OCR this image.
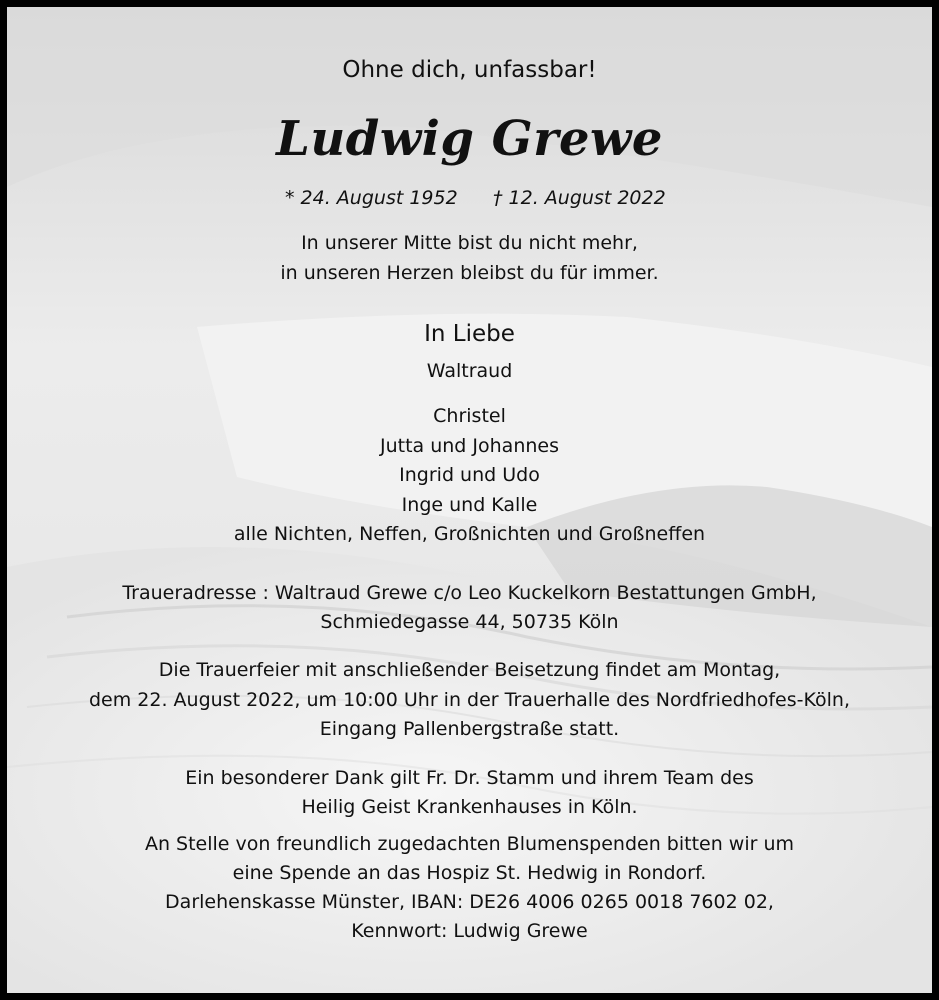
Ohne dich, unfassbar!
Ludwig Grewe
* 24. August 1952 † 12. August 2022
In unserer Mitte bist du nicht mehr,
in unseren Herzen bleibst du für immer.
In Liebe
Waltraud
Christel
Jutta und Johannes
Ingrid und Udo
Inge und Kalle
alle Nichten, Neffen, Großnichten und Großneffen
Traueradresse : Waltraud Grewe c/o Leo Kuckelkorn Bestattungen GmbH,
Schmiedegasse 44, 50735 Köln
Die Trauerfeier mit anschließender Beisetzung findet am Montag,
dem 22. August 2022, um 10:00 Uhr in der Trauerhalle des Nordfriedhofes-Köln,
Eingang Pallenbergstraße statt.
Ein besonderer Dank gilt Fr. Dr. Stamm und ihrem Team des
Heilig Geist Krankenhauses in Köln.
An Stelle von freundlich zugedachten Blumenspenden bitten wir um
eine Spende an das Hospiz St. Hedwig in Rondorf.
Darlehenskasse Münster, IBAN: DE26 4006 0265 0018 7602 02,
Kennwort: Ludwig Grewe
